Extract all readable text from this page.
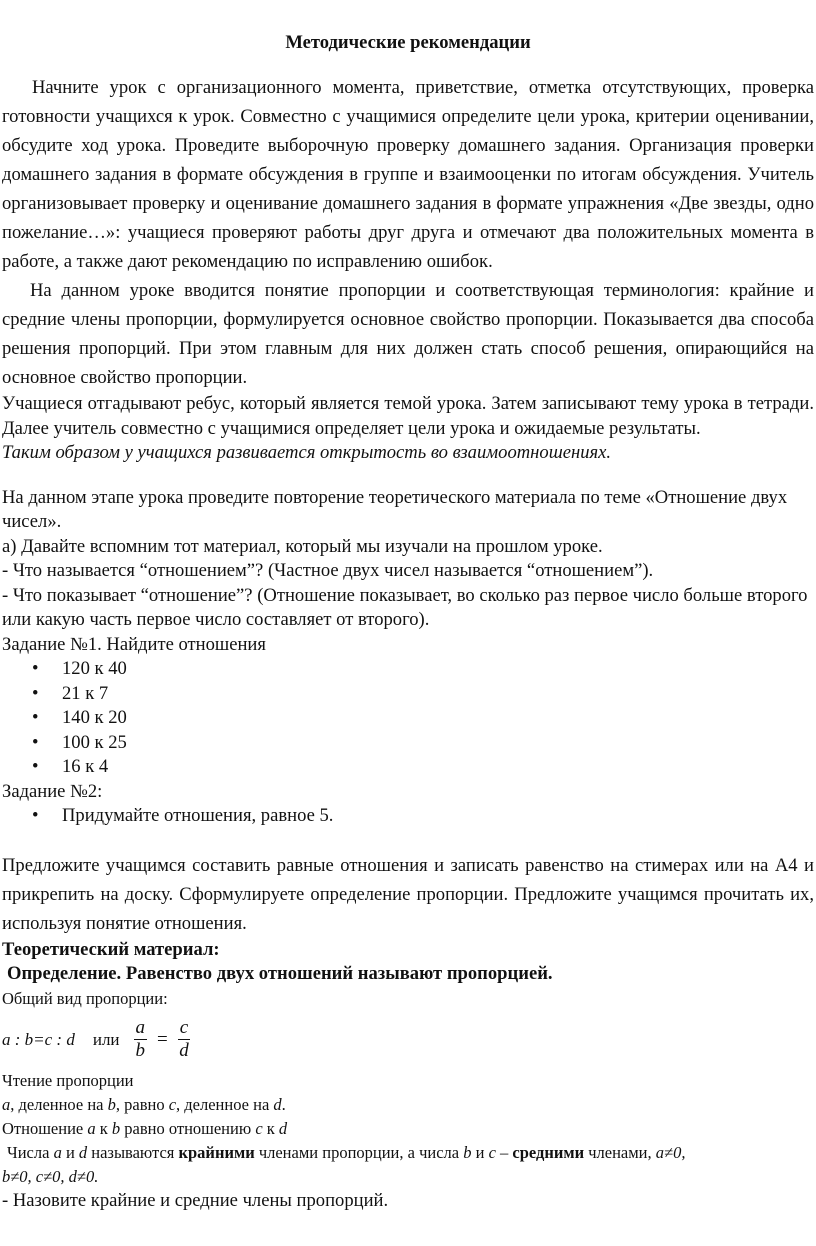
Методические рекомендации

Начните урок с организационного момента, приветствие, отметка отсутствующих, проверка готовности учащихся к урок. Совместно с учащимися определите цели урока, критерии оценивании, обсудите ход урока. Проведите выборочную проверку домашнего задания. Организация проверки домашнего задания в формате обсуждения в группе и взаимооценки по итогам обсуждения. Учитель организовывает проверку и оценивание домашнего задания в формате упражнения «Две звезды, одно пожелание…»: учащиеся проверяют работы друг друга и отмечают два положительных момента в работе, а также дают рекомендацию по исправлению ошибок.

На данном уроке вводится понятие пропорции и соответствующая терминология: крайние и средние члены пропорции, формулируется основное свойство пропорции. Показывается два способа решения пропорций. При этом главным для них должен стать способ решения, опирающийся на основное свойство пропорции.

Учащиеся отгадывают ребус, который является темой урока. Затем записывают тему урока в тетради. Далее учитель совместно с учащимися определяет цели урока и ожидаемые результаты.

Таким образом у учащихся развивается открытость во взаимоотношениях.

На данном этапе урока проведите повторение теоретического материала по теме «Отношение двух чисел».

а) Давайте вспомним тот материал, который мы изучали на прошлом уроке.

- Что называется “отношением”? (Частное двух чисел называется “отношением”).

- Что показывает “отношение”? (Отношение показывает, во сколько раз первое число больше второго или какую часть первое число составляет от второго).

Задание №1. Найдите отношения

• 120 к 40
• 21 к 7
• 140 к 20
• 100 к 25
• 16 к 4

Задание №2:

• Придумайте отношения, равное 5.

Предложите учащимся составить равные отношения и записать равенство на стимерах или на А4 и прикрепить на доску. Сформулируете определение пропорции. Предложите учащимся прочитать их, используя понятие отношения.

Теоретический материал:

Определение. Равенство двух отношений называют пропорцией.

Общий вид пропорции:

a : b=c : d или $\frac{a}{b} = \frac{c}{d}$

Чтение пропорции

a, деленное на b, равно c, деленное на d.

Отношение a к b равно отношению c к d

Числа a и d называются крайними членами пропорции, а числа b и c – средними членами, a≠0,

b≠0, c≠0, d≠0.

- Назовите крайние и средние члены пропорций.
